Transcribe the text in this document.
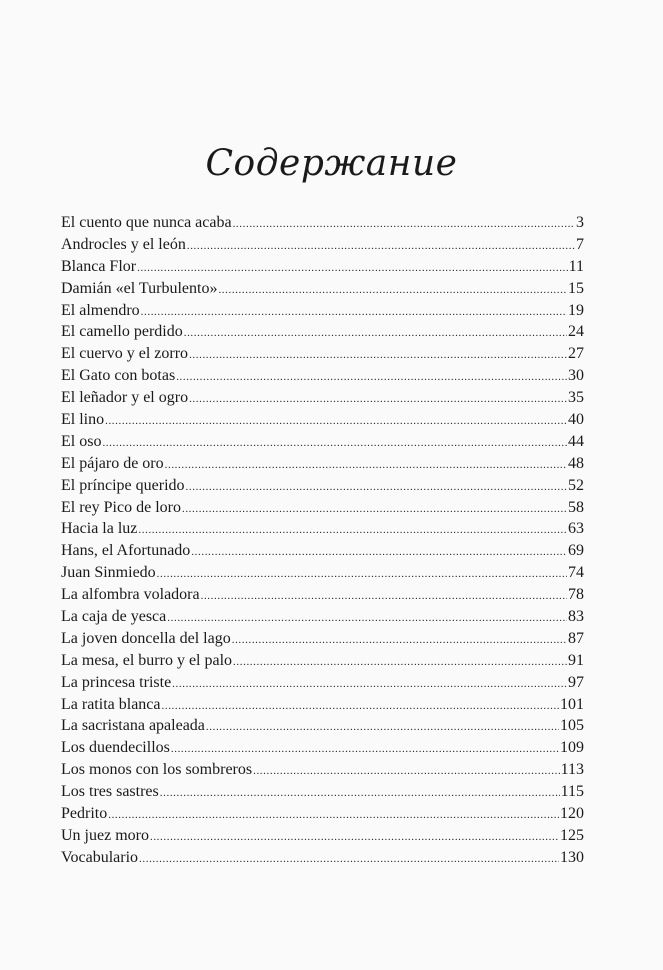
Содержание
El cuento que nunca acaba .....	3
Androcles y el león .....	7
Blanca Flor .....	11
Damián «el Turbulento» .....	15
El almendro .....	19
El camello perdido .....	24
El cuervo y el zorro .....	27
El Gato con botas .....	30
El leñador y el ogro .....	35
El lino .....	40
El oso .....	44
El pájaro de oro .....	48
El príncipe querido .....	52
El rey Pico de loro .....	58
Hacia la luz .....	63
Hans, el Afortunado .....	69
Juan Sinmiedo .....	74
La alfombra voladora .....	78
La caja de yesca .....	83
La joven doncella del lago .....	87
La mesa, el burro y el palo .....	91
La princesa triste .....	97
La ratita blanca .....	101
La sacristana apaleada .....	105
Los duendecillos .....	109
Los monos con los sombreros .....	113
Los tres sastres .....	115
Pedrito .....	120
Un juez moro .....	125
Vocabulario .....	130
